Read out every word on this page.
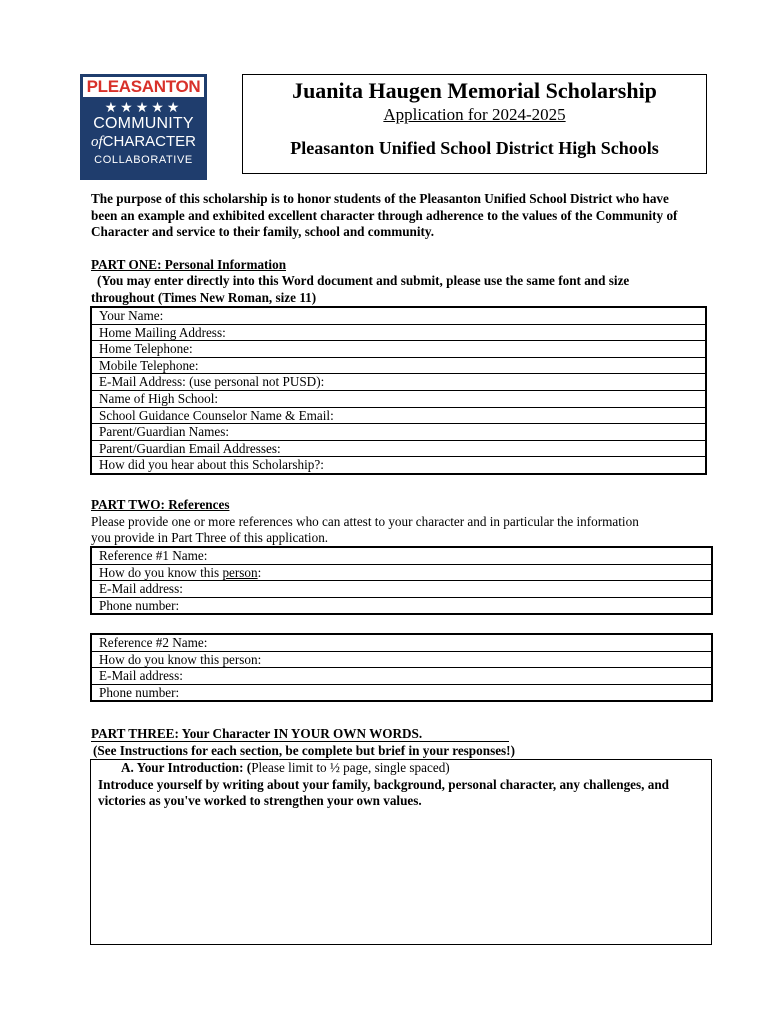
PLEASANTON
★★★★★
COMMUNITY
ofCHARACTER
COLLABORATIVE
Juanita Haugen Memorial Scholarship
Application for 2024-2025
Pleasanton Unified School District High Schools
The purpose of this scholarship is to honor students of the Pleasanton Unified School District who have been an example and exhibited excellent character through adherence to the values of the Community of Character and service to their family, school and community.
PART ONE: Personal Information
(You may enter directly into this Word document and submit, please use the same font and size throughout (Times New Roman, size 11)
Your Name:
Home Mailing Address:
Home Telephone:
Mobile Telephone:
E-Mail Address: (use personal not PUSD):
Name of High School:
School Guidance Counselor Name & Email:
Parent/Guardian Names:
Parent/Guardian Email Addresses:
How did you hear about this Scholarship?:
PART TWO: References
Please provide one or more references who can attest to your character and in particular the information
you provide in Part Three of this application.
Reference #1 Name:
How do you know this person:
E-Mail address:
Phone number:
Reference #2 Name:
How do you know this person:
E-Mail address:
Phone number:
PART THREE: Your Character IN YOUR OWN WORDS.
(See Instructions for each section, be complete but brief in your responses!)
A. Your Introduction: (Please limit to ½ page, single spaced)
Introduce yourself by writing about your family, background, personal character, any challenges, and victories as you've worked to strengthen your own values.
